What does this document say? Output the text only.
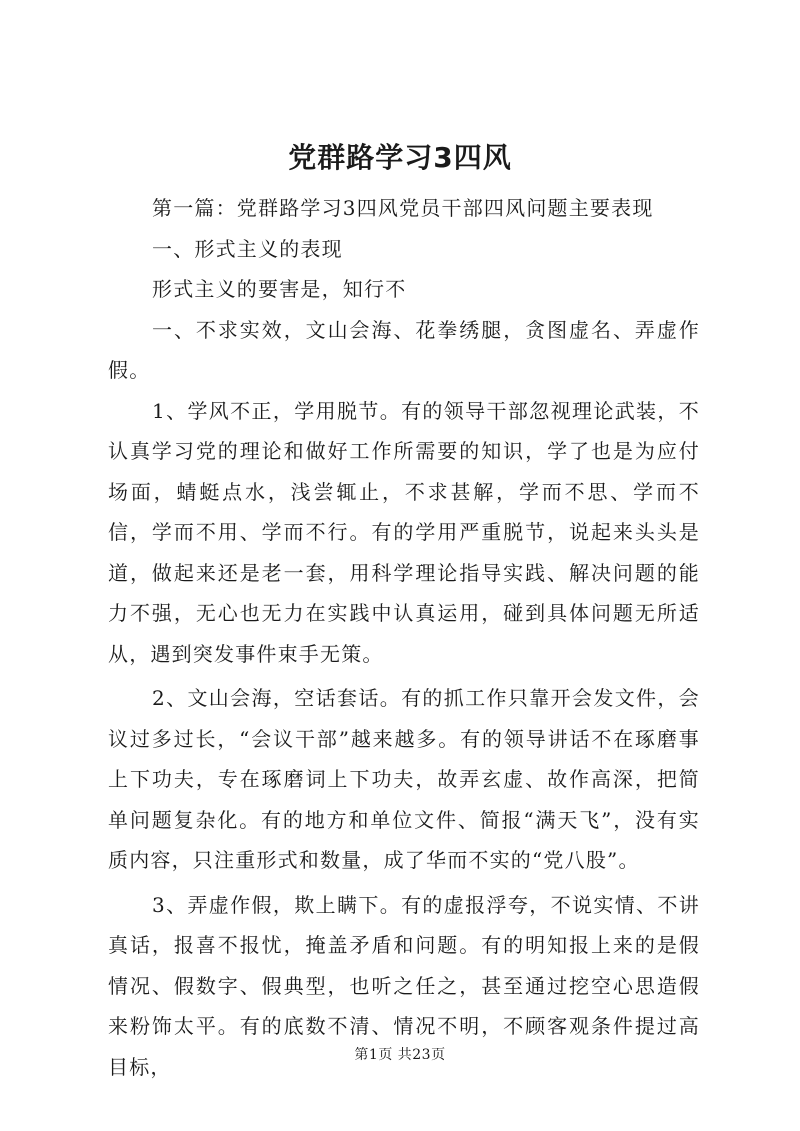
党群路学习3四风

第一篇：党群路学习3四风党员干部四风问题主要表现

一、形式主义的表现

形式主义的要害是，知行不

一、不求实效，文山会海、花拳绣腿，贪图虚名、弄虚作假。

1、学风不正，学用脱节。有的领导干部忽视理论武装，不认真学习党的理论和做好工作所需要的知识，学了也是为应付场面，蜻蜓点水，浅尝辄止，不求甚解，学而不思、学而不信，学而不用、学而不行。有的学用严重脱节，说起来头头是道，做起来还是老一套，用科学理论指导实践、解决问题的能力不强，无心也无力在实践中认真运用，碰到具体问题无所适从，遇到突发事件束手无策。

2、文山会海，空话套话。有的抓工作只靠开会发文件，会议过多过长，“会议干部”越来越多。有的领导讲话不在琢磨事上下功夫，专在琢磨词上下功夫，故弄玄虚、故作高深，把简单问题复杂化。有的地方和单位文件、简报“满天飞”，没有实质内容，只注重形式和数量，成了华而不实的“党八股”。

3、弄虚作假，欺上瞒下。有的虚报浮夸，不说实情、不讲真话，报喜不报忧，掩盖矛盾和问题。有的明知报上来的是假情况、假数字、假典型，也听之任之，甚至通过挖空心思造假来粉饰太平。有的底数不清、情况不明，不顾客观条件提过高目标，	第1页 共23页
